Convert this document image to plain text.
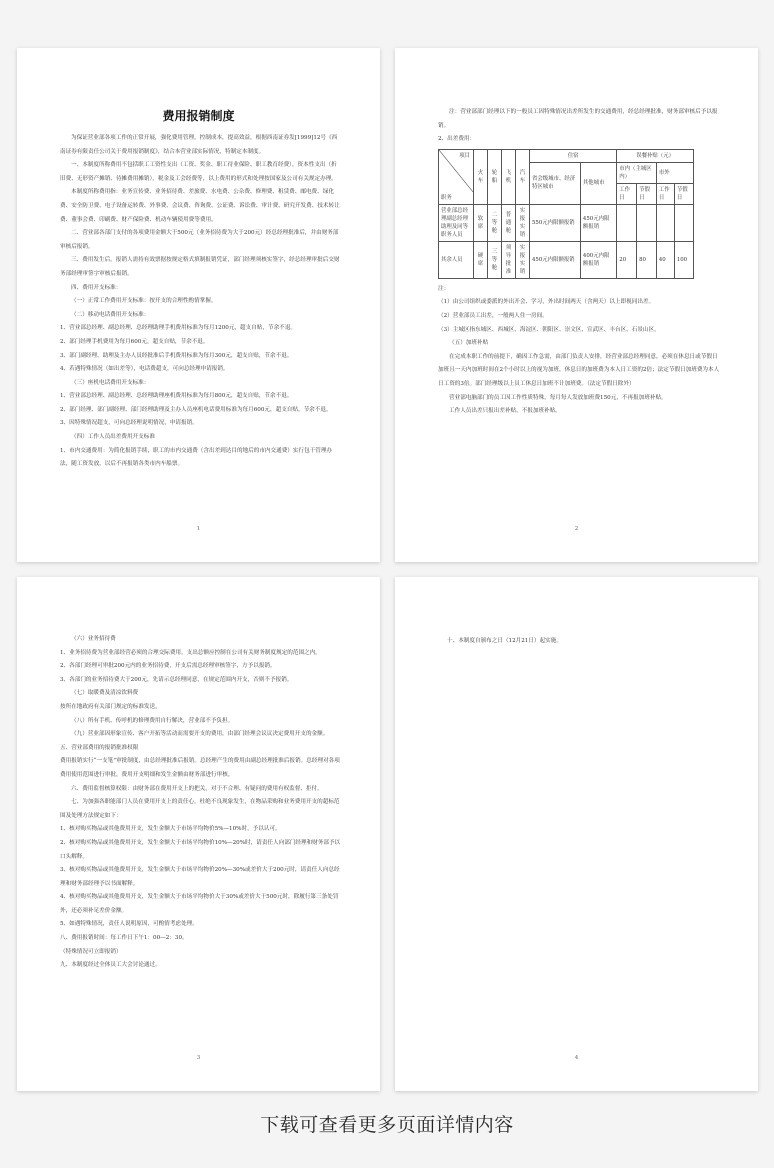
费用报销制度

为保证营业部各项工作的正常开展，强化费用管理，控制成本，提高效益，根据西南证券发[1999]12号《西南证券有限责任公司关于费用报销制度》，结合本营业部实际情况，特制定本制度。

一、本制度所称费用不包括职工工资性支出（工资、奖金、职工待业保险、职工教育经费），资本性支出（折旧费、无形资产摊销、待摊费用摊销），税金及工会经费等，以上费用的形式和处理按国家及公司有关规定办理。

本制度所称费用指：业务宣传费、业务招待费、差旅费、水电费、公杂费、修理费、租赁费、邮电费、绿化费、安全防卫费、电子设备运转费、外事费、会议费、咨询费、公证费、诉讼费、审计费、研究开发费、技术转让费、董事会费、印刷费、财产保险费、机动车辆使用费等费用。

二、营业部各部门支付的各项费用金额大于500元（业务招待费为大于200元）经总经理批准后，并由财务部审核后报销。

三、费用发生后，报销人需持有效票据按规定格式填制报销凭证，部门经理须核实签字，经总经理审批后交财务部经理审签字审核后报销。

四、费用开支标准：

（一）正常工作费用开支标准：按开支的合理性酌情掌握。

（二）移动电话费用开支标准：

1、营业部总经理、副总经理、总经理助理手机费用标准为每月1200元，超支自贴，节余不退。

2、部门经理手机费用为每月600元，超支自贴，节余不退。

3、部门副经理、助理及主办人员经批准后手机费用标准为每月300元，超支自贴，节余不退。

4、若遇特殊情况（如出差等），电话费超支，可向总经理申请报销。

（三）座机电话费用开支标准：

1、营业部总经理、副总经理、总经理助理座机费用标准为每月800元，超支自贴，节余不退。

2、部门经理、部门副经理、部门经理助理及主办人员座机电话费用标准为每月600元，超支自贴，节余不退。

3、因特殊情况超支，可向总经理说明情况，申请报销。

（四）工作人员出差费用开支标准

1、市内交通费用：为简化报销手续，职工的市内交通费（含出差到达目的地后的市内交通费）实行包干管理办法，随工资发放，以后不再报销各类市内车船票。

1

注：营业部部门经理以下的一般员工因特殊情况出差所发生的交通费用，经总经理批准，财务部审核后予以报销。

2、出差费用：

项目
职务	火车	轮船	飞机	汽车	住宿		误餐补贴（元）			
					省会级城市、经济特区城市	其他城市	市内（主城区内）		市外	
							工作日	节假日	工作日	节假日
营业部总经理副总经理助理及同等职务人员	软席	二等舱	普通舱	实报实销	550元内限额报销	450元内限额报销				
其余人员	硬席	三等舱	须导批准	实报实销	450元内限额报销	400元内限额报销	20	80	40	100

注：

（1）由公司组织或委派的外出开会、学习，外出时间两天（含两天）以上即视同出差。

（2）营业部员工出差，一般两人住一房间。

（3）主城区指东城区、西城区、海淀区、朝阳区、崇文区、宣武区、丰台区、石景山区。

（五）加班补贴

在完成本职工作的前提下，确因工作急需，由部门负责人安排，经营业部总经理同意，必须在休息日或节假日加班且一天内加班时间在2个小时以上的视为加班，休息日的加班费为本人日工资的2倍；法定节假日加班费为本人日工资的3倍。部门经理级以上员工休息日加班不计加班费。（法定节假日除外）

营业部电脑部门的员工因工作性质特殊，每月每人发放加班费150元，不再报加班补贴。

工作人员出差只报出差补贴，不报加班补贴。

2

（六）业务招待费

1、业务招待费为营业部经营必须的合理交际费用。支出总额应控制在公司有关财务制度规定的范围之内。

2、各部门经理可审批200元内的业务招待费，开支后需总经理审核签字，方予以报销。

3、各部门的业务招待费大于200元，先请示总经理同意，在规定范围内开支，否则不予报销。

（七）取暖费及清凉饮料费

按所在地政府有关部门规定的标准发送。

（八）所有手机、传呼机的修理费用自行解决，营业部不予负担。

（九）营业部因形象宣传、客户开拓等活动而需要开支的费用，由部门经理会议议决定费用开支的金额。

五、营业部费用的报销批准权限

费用报销实行“一支笔”审批制度，由总经理批准后报销。总经理产生的费用由副总经理批准后报销。总经理对各项费用使用范围进行审批，费用开支明细和发生金额由财务部进行审核。

六、费用监督核算权限：由财务部在费用开支上的把关，对于不合理、有疑问的费用有权监督、拒付。

七、为加强各职能部门人员在费用开支上的责任心，杜绝不良现象发生，在物品采购和业务费用开支的超标范围及处理方法规定如下：

1、核对购买物品或其他费用开支，发生金额大于市场平均物价5%—10%时，予以认可。

2、核对购买物品或其他费用开支，发生金额大于市场平均物价10%—20%时，请责任人向部门经理和财务部予以口头解释。

3、核对购买物品或其他费用开支，发生金额大于市场平均物价20%—30%或差价大于200元时，请责任人向总经理和财务部经理予以书面解释。

4、核对购买物品或其他费用开支，发生金额大于市场平均物价大于30%或差价大于500元时，除履行第三条处罚外，还必须补足差价金额。

5、如遇特殊情况，责任人说明原因，可酌情考虑处理。

八、费用报销时间：每工作日下午1：00—2：30。

（特殊情况可立即报销）

九、本制度经过全体员工大会讨论通过。

3

十、本制度自颁布之日（12月21日）起实施。

4
下载可查看更多页面详情内容
